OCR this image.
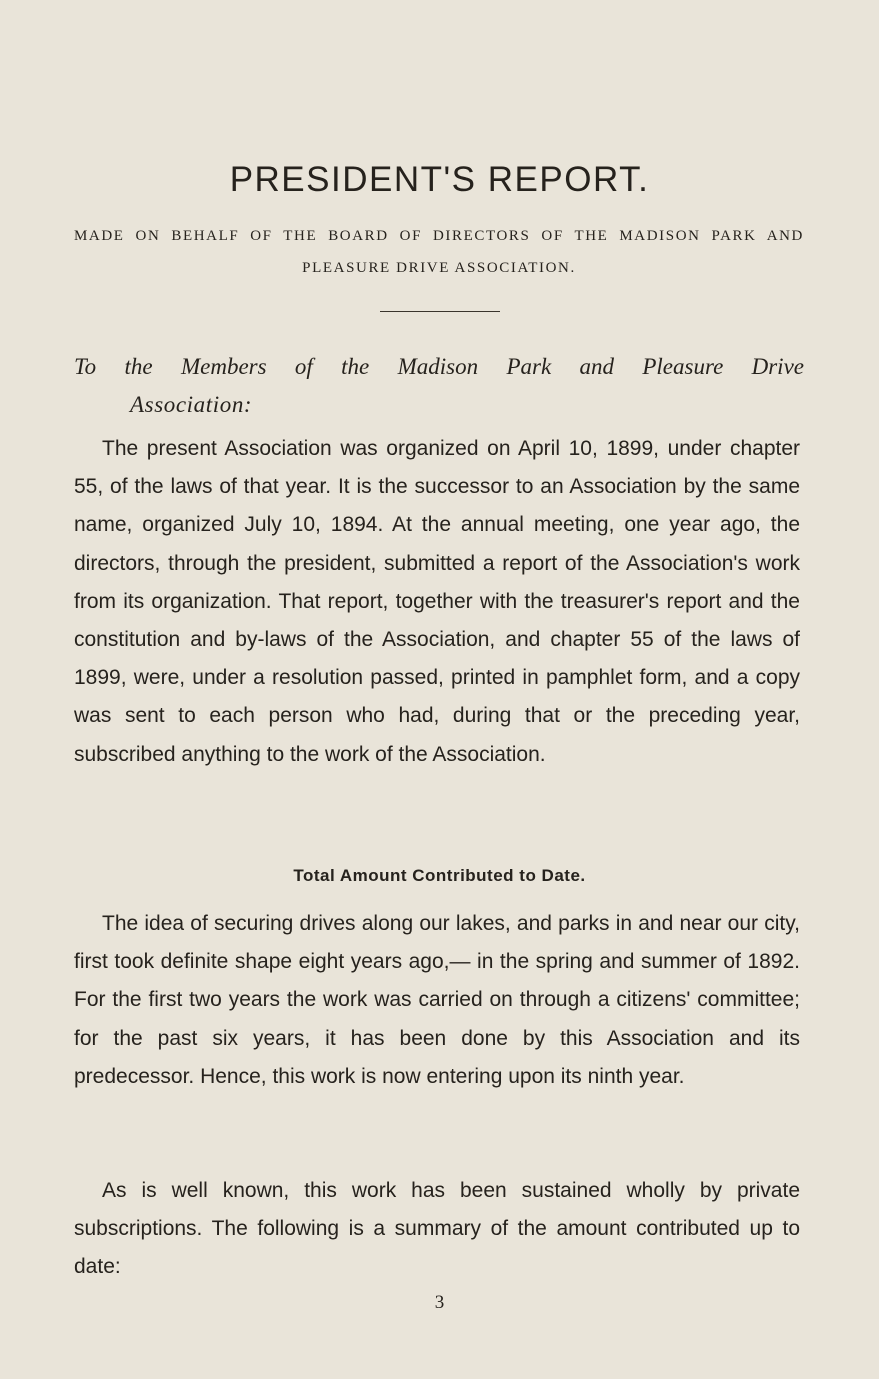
PRESIDENT'S REPORT.
MADE ON BEHALF OF THE BOARD OF DIRECTORS OF THE MADISON PARK AND
PLEASURE DRIVE ASSOCIATION.
To the Members of the Madison Park and Pleasure Drive
Association:
The present Association was organized on April 10, 1899, under chapter 55, of the laws of that year. It is the successor to an Association by the same name, organized July 10, 1894. At the annual meeting, one year ago, the directors, through the president, submitted a report of the Association's work from its organization. That report, together with the treasurer's report and the constitution and by-laws of the Association, and chapter 55 of the laws of 1899, were, under a resolution passed, printed in pamphlet form, and a copy was sent to each person who had, during that or the preceding year, subscribed anything to the work of the Association.
Total Amount Contributed to Date.
The idea of securing drives along our lakes, and parks in and near our city, first took definite shape eight years ago,— in the spring and summer of 1892. For the first two years the work was carried on through a citizens' committee; for the past six years, it has been done by this Association and its predecessor. Hence, this work is now entering upon its ninth year.
As is well known, this work has been sustained wholly by private subscriptions. The following is a summary of the amount contributed up to date:
3
